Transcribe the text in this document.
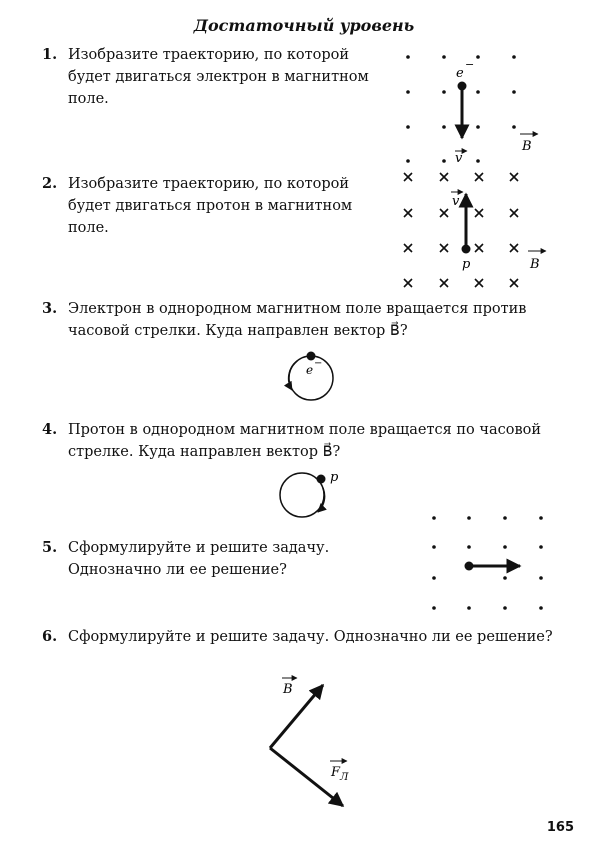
Достаточный уровень
1. Изобразите траекторию, по которой будет двигаться электрон в магнитном поле.
2. Изобразите траекторию, по которой будет двигаться протон в магнитном поле.
3. Электрон в однородном магнитном поле вращается против часовой стрелки. Куда направлен вектор B⃗?
4. Протон в однородном магнитном поле вращается по часовой стрелке. Куда направлен вектор B⃗?
5. Сформулируйте и решите задачу. Однозначно ли ее решение?
6. Сформулируйте и решите задачу. Однозначно ли ее решение?
e
−
v
B
v
p	B
e −
p
B
F Л
165
